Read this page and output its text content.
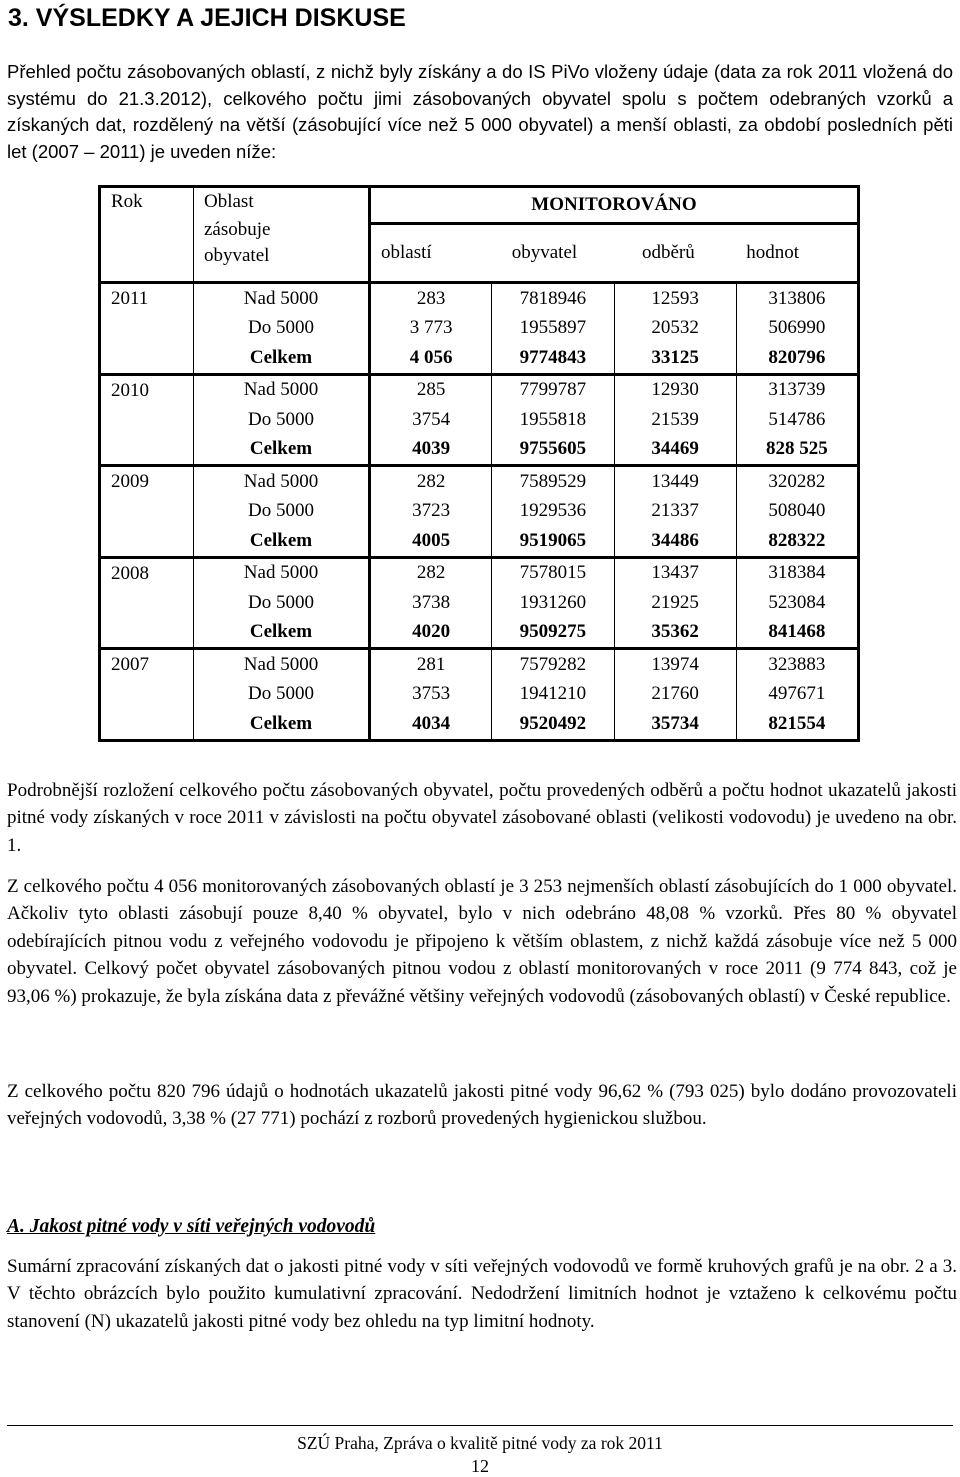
3. VÝSLEDKY A JEJICH DISKUSE

Přehled počtu zásobovaných oblastí, z nichž byly získány a do IS PiVo vloženy údaje (data za rok 2011 vložená do systému do 21.3.2012), celkového počtu jimi zásobovaných obyvatel spolu s počtem odebraných vzorků a získaných dat, rozdělený na větší (zásobující více než 5 000 obyvatel) a menší oblasti, za období posledních pěti let (2007 – 2011) je uveden níže:

Rok	Oblast
zásobuje
obyvatel	MONITOROVÁNO			
		oblastí	obyvatel	odběrů	hodnot
2011	Nad 5000	283	7818946	12593	313806
	Do 5000	3 773	1955897	20532	506990
	Celkem	4 056	9774843	33125	820796
2010	Nad 5000	285	7799787	12930	313739
	Do 5000	3754	1955818	21539	514786
	Celkem	4039	9755605	34469	828 525
2009	Nad 5000	282	7589529	13449	320282
	Do 5000	3723	1929536	21337	508040
	Celkem	4005	9519065	34486	828322
2008	Nad 5000	282	7578015	13437	318384
	Do 5000	3738	1931260	21925	523084
	Celkem	4020	9509275	35362	841468
2007	Nad 5000	281	7579282	13974	323883
	Do 5000	3753	1941210	21760	497671
	Celkem	4034	9520492	35734	821554

Podrobnější rozložení celkového počtu zásobovaných obyvatel, počtu provedených odběrů a počtu hodnot ukazatelů jakosti pitné vody získaných v roce 2011 v závislosti na počtu obyvatel zásobované oblasti (velikosti vodovodu) je uvedeno na obr. 1.

Z celkového počtu 4 056 monitorovaných zásobovaných oblastí je 3 253 nejmenších oblastí zásobujících do 1 000 obyvatel. Ačkoliv tyto oblasti zásobují pouze 8,40 % obyvatel, bylo v nich odebráno 48,08 % vzorků. Přes 80 % obyvatel odebírajících pitnou vodu z veřejného vodovodu je připojeno k větším oblastem, z nichž každá zásobuje více než 5 000 obyvatel. Celkový počet obyvatel zásobovaných pitnou vodou z oblastí monitorovaných v roce 2011 (9 774 843, což je 93,06 %) prokazuje, že byla získána data z převážné většiny veřejných vodovodů (zásobovaných oblastí) v České republice.

Z celkového počtu 820 796 údajů o hodnotách ukazatelů jakosti pitné vody 96,62 % (793 025) bylo dodáno provozovateli veřejných vodovodů, 3,38 % (27 771) pochází z rozborů provedených hygienickou službou.

A. Jakost pitné vody v síti veřejných vodovodů

Sumární zpracování získaných dat o jakosti pitné vody v síti veřejných vodovodů ve formě kruhových grafů je na obr. 2 a 3. V těchto obrázcích bylo použito kumulativní zpracování. Nedodržení limitních hodnot je vztaženo k celkovému počtu stanovení (N) ukazatelů jakosti pitné vody bez ohledu na typ limitní hodnoty.

SZÚ Praha, Zpráva o kvalitě pitné vody za rok 2011
12
